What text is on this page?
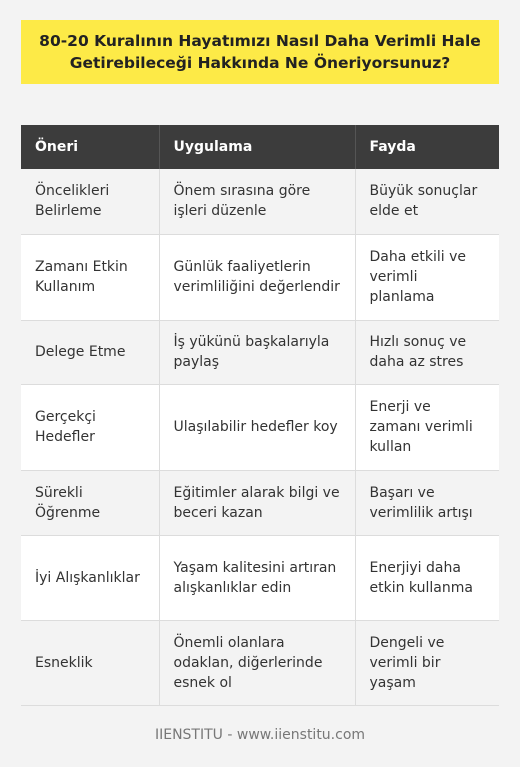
80-20 Kuralının Hayatımızı Nasıl Daha Verimli Hale
Getirebileceği Hakkında Ne Öneriyorsunuz?
Öneri	Uygulama	Fayda
Öncelikleri Belirleme	Önem sırasına göre işleri düzenle	Büyük sonuçlar elde et
Zamanı Etkin Kullanım	Günlük faaliyetlerin verimliliğini değerlendir	Daha etkili ve verimli planlama
Delege Etme	İş yükünü başkalarıyla paylaş	Hızlı sonuç ve daha az stres
Gerçekçi Hedefler	Ulaşılabilir hedefler koy	Enerji ve zamanı verimli kullan
Sürekli Öğrenme	Eğitimler alarak bilgi ve beceri kazan	Başarı ve verimlilik artışı
İyi Alışkanlıklar	Yaşam kalitesini artıran alışkanlıklar edin	Enerjiyi daha etkin kullanma
Esneklik	Önemli olanlara odaklan, diğerlerinde esnek ol	Dengeli ve verimli bir yaşam
IIENSTITU - www.iienstitu.com
